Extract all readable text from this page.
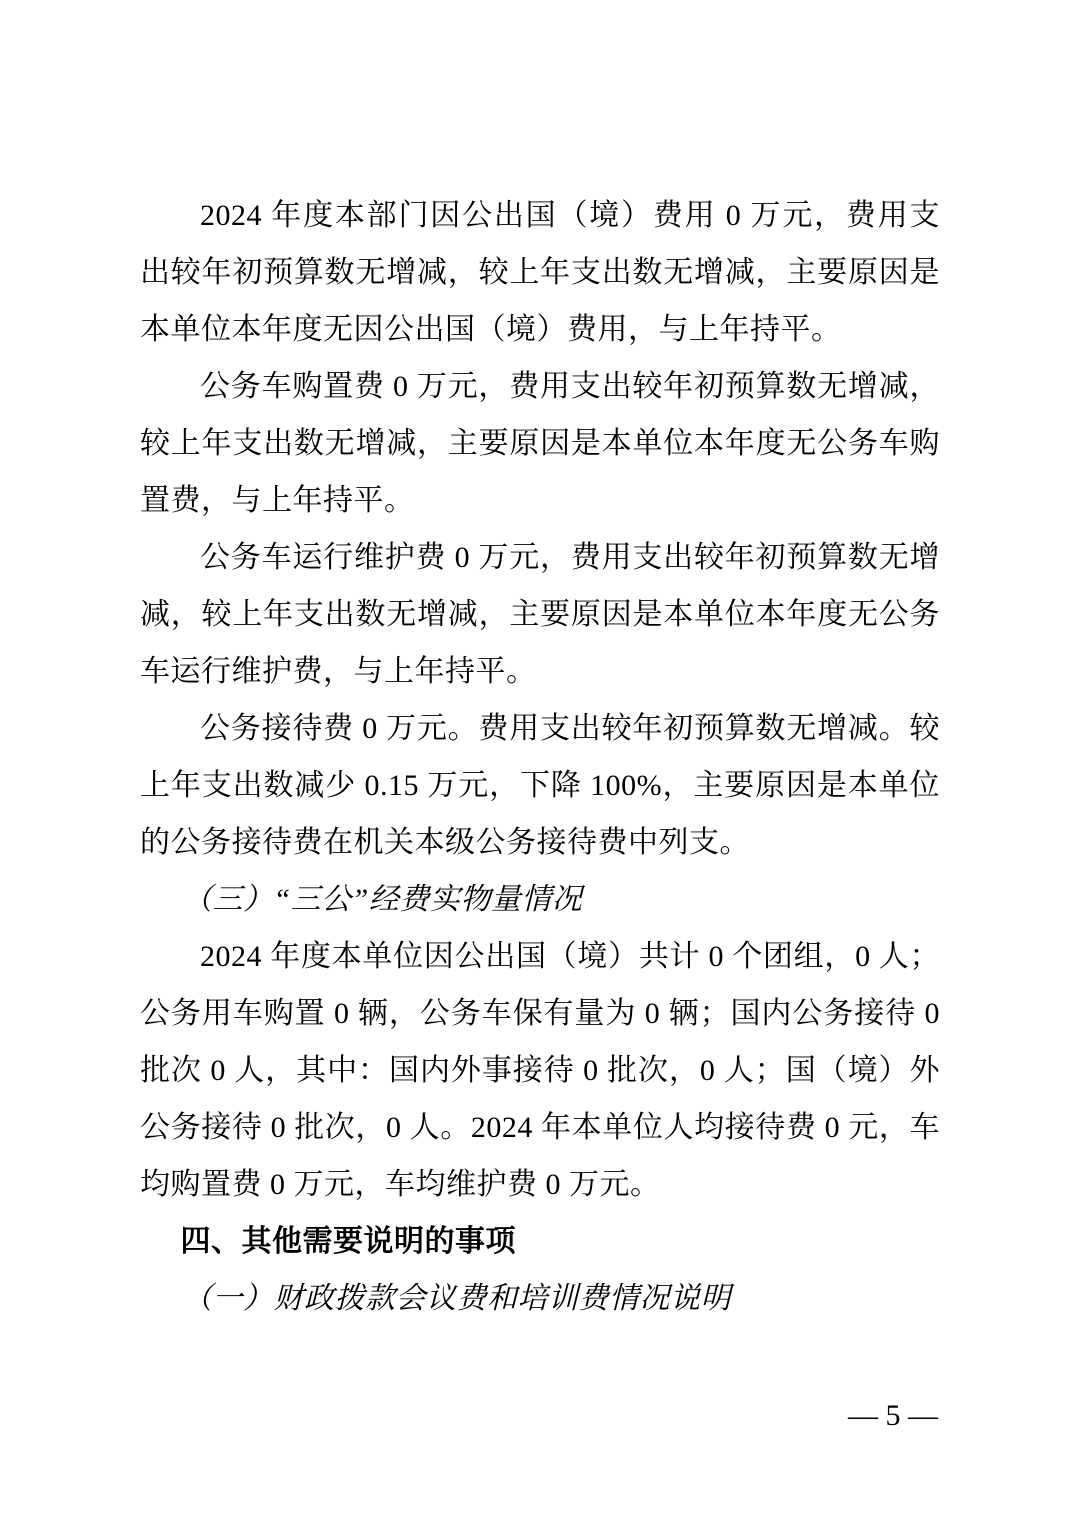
2024 年度本部门因公出国（境）费用 0 万元，费用支出较年初预算数无增减，较上年支出数无增减，主要原因是本单位本年度无因公出国（境）费用，与上年持平。

公务车购置费 0 万元，费用支出较年初预算数无增减，较上年支出数无增减，主要原因是本单位本年度无公务车购置费，与上年持平。

公务车运行维护费 0 万元，费用支出较年初预算数无增减，较上年支出数无增减，主要原因是本单位本年度无公务车运行维护费，与上年持平。

公务接待费 0 万元。费用支出较年初预算数无增减。较上年支出数减少 0.15 万元，下降 100%，主要原因是本单位的公务接待费在机关本级公务接待费中列支。

（三）“三公”经费实物量情况

2024 年度本单位因公出国（境）共计 0 个团组，0 人；公务用车购置 0 辆，公务车保有量为 0 辆；国内公务接待 0 批次 0 人，其中：国内外事接待 0 批次，0 人；国（境）外公务接待 0 批次，0 人。2024 年本单位人均接待费 0 元，车均购置费 0 万元，车均维护费 0 万元。

四、其他需要说明的事项

（一）财政拨款会议费和培训费情况说明

— 5 —
